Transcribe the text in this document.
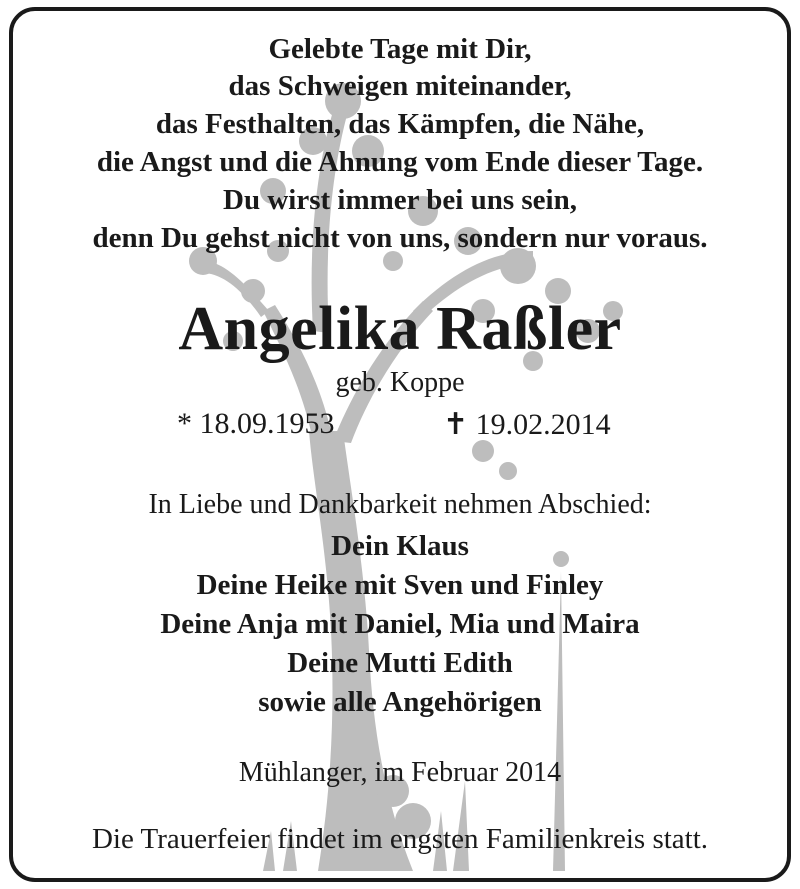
Gelebte Tage mit Dir,
das Schweigen miteinander,
das Festhalten, das Kämpfen, die Nähe,
die Angst und die Ahnung vom Ende dieser Tage.
Du wirst immer bei uns sein,
denn Du gehst nicht von uns, sondern nur voraus.
Angelika Raßler
geb. Koppe
* 18.09.1953	✝ 19.02.2014
In Liebe und Dankbarkeit nehmen Abschied:
Dein Klaus
Deine Heike mit Sven und Finley
Deine Anja mit Daniel, Mia und Maira
Deine Mutti Edith
sowie alle Angehörigen
Mühlanger, im Februar 2014
Die Trauerfeier findet im engsten Familienkreis statt.
